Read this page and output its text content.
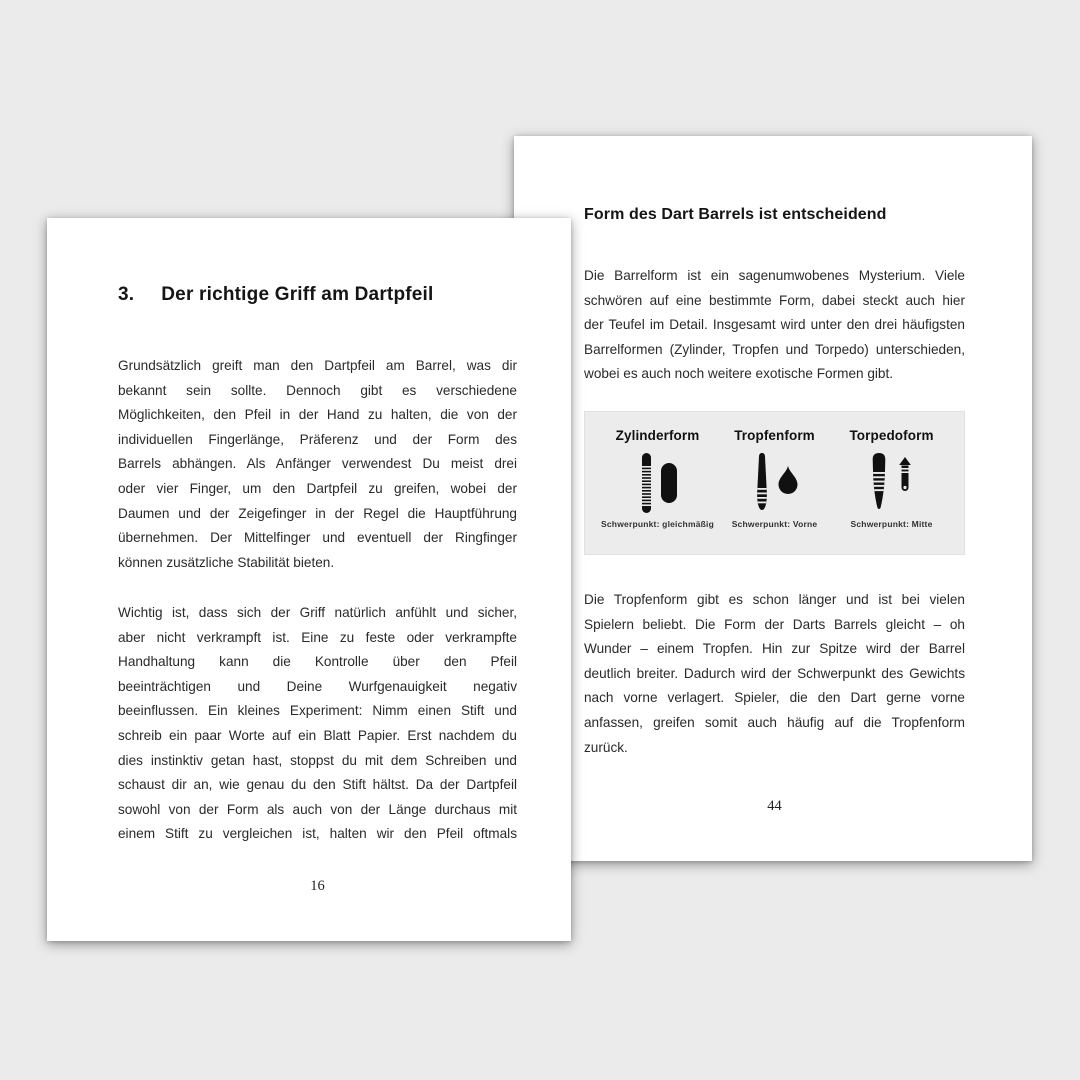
Form des Dart Barrels ist entscheidend
Die Barrelform ist ein sagenumwobenes Mysterium. Viele
schwören auf eine bestimmte Form, dabei steckt auch hier
der Teufel im Detail. Insgesamt wird unter den drei häufigsten
Barrelformen (Zylinder, Tropfen und Torpedo) unterschieden,
wobei es auch noch weitere exotische Formen gibt.
Zylinderform
Schwerpunkt: gleichmäßig
Tropfenform
Schwerpunkt: Vorne
Torpedoform
Schwerpunkt: Mitte
Die Tropfenform gibt es schon länger und ist bei vielen
Spielern beliebt. Die Form der Darts Barrels gleicht – oh
Wunder – einem Tropfen. Hin zur Spitze wird der Barrel
deutlich breiter. Dadurch wird der Schwerpunkt des Gewichts
nach vorne verlagert. Spieler, die den Dart gerne vorne
anfassen, greifen somit auch häufig auf die Tropfenform
zurück.
44
3. Der richtige Griff am Dartpfeil
Grundsätzlich greift man den Dartpfeil am Barrel, was dir
bekannt sein sollte. Dennoch gibt es verschiedene
Möglichkeiten, den Pfeil in der Hand zu halten, die von der
individuellen Fingerlänge, Präferenz und der Form des
Barrels abhängen. Als Anfänger verwendest Du meist drei
oder vier Finger, um den Dartpfeil zu greifen, wobei der
Daumen und der Zeigefinger in der Regel die Hauptführung
übernehmen. Der Mittelfinger und eventuell der Ringfinger
können zusätzliche Stabilität bieten.
Wichtig ist, dass sich der Griff natürlich anfühlt und sicher,
aber nicht verkrampft ist. Eine zu feste oder verkrampfte
Handhaltung kann die Kontrolle über den Pfeil
beeinträchtigen und Deine Wurfgenauigkeit negativ
beeinflussen. Ein kleines Experiment: Nimm einen Stift und
schreib ein paar Worte auf ein Blatt Papier. Erst nachdem du
dies instinktiv getan hast, stoppst du mit dem Schreiben und
schaust dir an, wie genau du den Stift hältst. Da der Dartpfeil
sowohl von der Form als auch von der Länge durchaus mit
einem Stift zu vergleichen ist, halten wir den Pfeil oftmals
16
